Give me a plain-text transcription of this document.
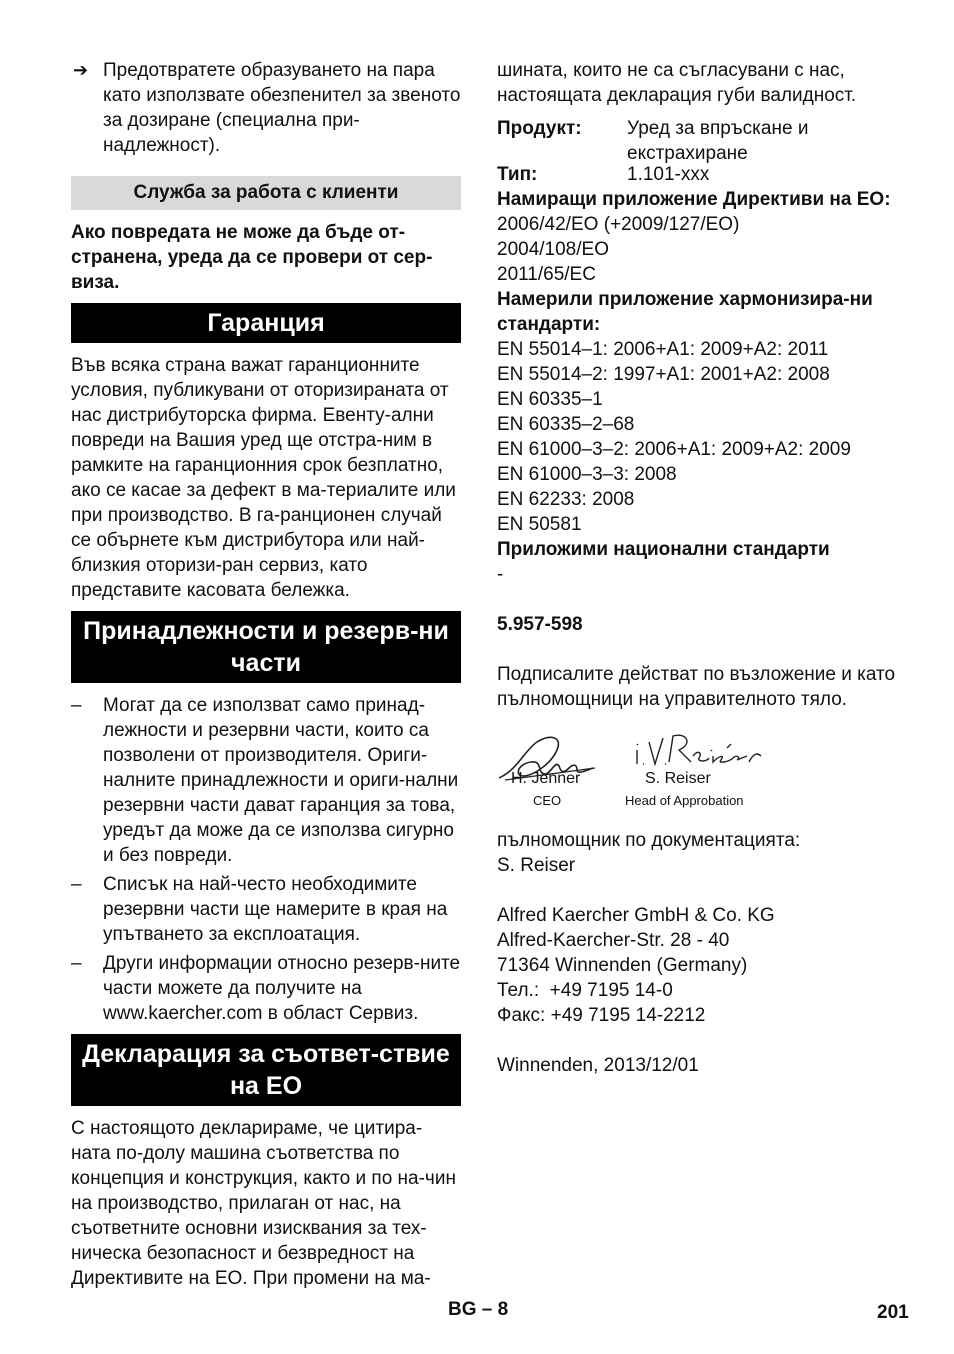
➔ Предотвратете образуването на пара като използвате обезпенител за звеното за дозиране (специална при-надлежност).

Служба за работа с клиенти

Ако повредата не може да бъде от-странена, уреда да се провери от сер-виза.

Гаранция

Във всяка страна важат гаранционните условия, публикувани от оторизираната от нас дистрибуторска фирма. Евенту-ални повреди на Вашия уред ще отстра-ним в рамките на гаранционния срок безплатно, ако се касае за дефект в ма-териалите или при производство. В га-ранционен случай се обърнете към дистрибутора или най-близкия оторизи-ран сервиз, като представите касовата бележка.

Принадлежности и резерв-ни части
– Могат да се използват само принад-лежности и резервни части, които са позволени от производителя. Ориги-налните принадлежности и ориги-нални резервни части дават гаранция за това, уредът да може да се използва сигурно и без повреди.
– Списък на най-често необходимите резервни части ще намерите в края на упътването за експлоатация.
– Други информации относно резерв-ните части можете да получите на www.kaercher.com в област Сервиз.
Декларация за съответ-ствие на ЕО

С настоящото декларираме, че цитира-ната по-долу машина съответства по концепция и конструкция, както и по на-чин на производство, прилаган от нас, на съответните основни изисквания за тех-ническа безопасност и безвредност на Директивите на ЕО. При промени на ма-

шината, които не са съгласувани с нас, настоящата декларация губи валидност.

Продукт:	Уред за впръскане и екстрахиране
Тип:	1.101-xxx

Намиращи приложение Директиви на ЕО:

2006/42/ЕО (+2009/127/ЕО)

2004/108/ЕО

2011/65/ЕС

Намерили приложение хармонизира-ни стандарти:

EN 55014–1: 2006+A1: 2009+A2: 2011

EN 55014–2: 1997+A1: 2001+A2: 2008

EN 60335–1

EN 60335–2–68

EN 61000–3–2: 2006+A1: 2009+A2: 2009

EN 61000–3–3: 2008

EN 62233: 2008

EN 50581

Приложими национални стандарти

-

5.957-598

Подписалите действат по възложение и като пълномощници на управителното тяло.

H. Jenner
CEO
S. Reiser
Head of Approbation

пълномощник по документацията:

S. Reiser

Alfred Kaercher GmbH & Co. KG

Alfred-Kaercher-Str. 28 - 40

71364 Winnenden (Germany)

Тел.:  +49 7195 14-0

Факс: +49 7195 14-2212

Winnenden, 2013/12/01

BG – 8	201
